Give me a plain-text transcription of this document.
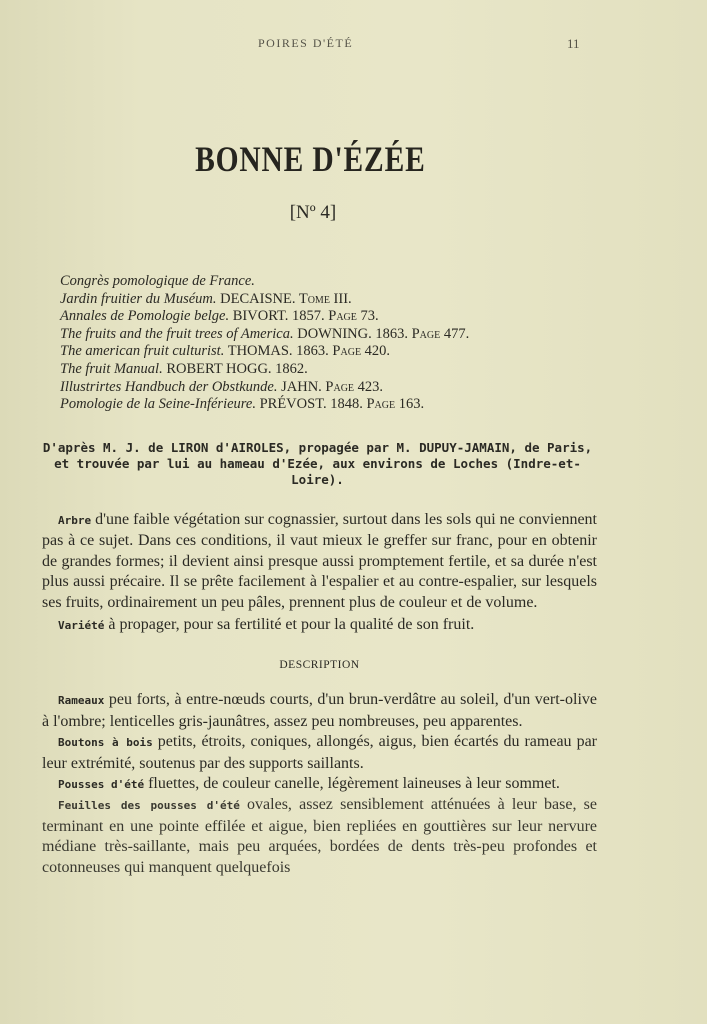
POIRES D'ÉTÉ	11
BONNE D'ÉZÉE
[Nº 4]
Congrès pomologique de France.
Jardin fruitier du Muséum. DECAISNE. Tome III.
Annales de Pomologie belge. BIVORT. 1857. Page 73.
The fruits and the fruit trees of America. DOWNING. 1863. Page 477.
The american fruit culturist. THOMAS. 1863. Page 420.
The fruit Manual. ROBERT HOGG. 1862.
Illustrirtes Handbuch der Obstkunde. JAHN. Page 423.
Pomologie de la Seine-Inférieure. PRÉVOST. 1848. Page 163.
D'après M. J. de LIRON d'AIROLES, propagée par M. DUPUY-JAMAIN, de Paris, et trouvée par lui au hameau d'Ezée, aux environs de Loches (Indre-et-Loire).

Arbre d'une faible végétation sur cognassier, surtout dans les sols qui ne conviennent pas à ce sujet. Dans ces conditions, il vaut mieux le greffer sur franc, pour en obtenir de grandes formes; il devient ainsi presque aussi promptement fertile, et sa durée n'est plus aussi précaire. Il se prête facilement à l'espalier et au contre-espalier, sur lesquels ses fruits, ordinairement un peu pâles, prennent plus de couleur et de volume.

Variété à propager, pour sa fertilité et pour la qualité de son fruit.

DESCRIPTION

Rameaux peu forts, à entre-nœuds courts, d'un brun-verdâtre au soleil, d'un vert-olive à l'ombre; lenticelles gris-jaunâtres, assez peu nombreuses, peu apparentes.

Boutons à bois petits, étroits, coniques, allongés, aigus, bien écartés du rameau par leur extrémité, soutenus par des supports saillants.

Pousses d'été fluettes, de couleur canelle, légèrement laineuses à leur sommet.

Feuilles des pousses d'été ovales, assez sensiblement atténuées à leur base, se terminant en une pointe effilée et aigue, bien repliées en gouttières sur leur nervure médiane très-saillante, mais peu arquées, bordées de dents très-peu profondes et cotonneuses qui manquent quelquefois
